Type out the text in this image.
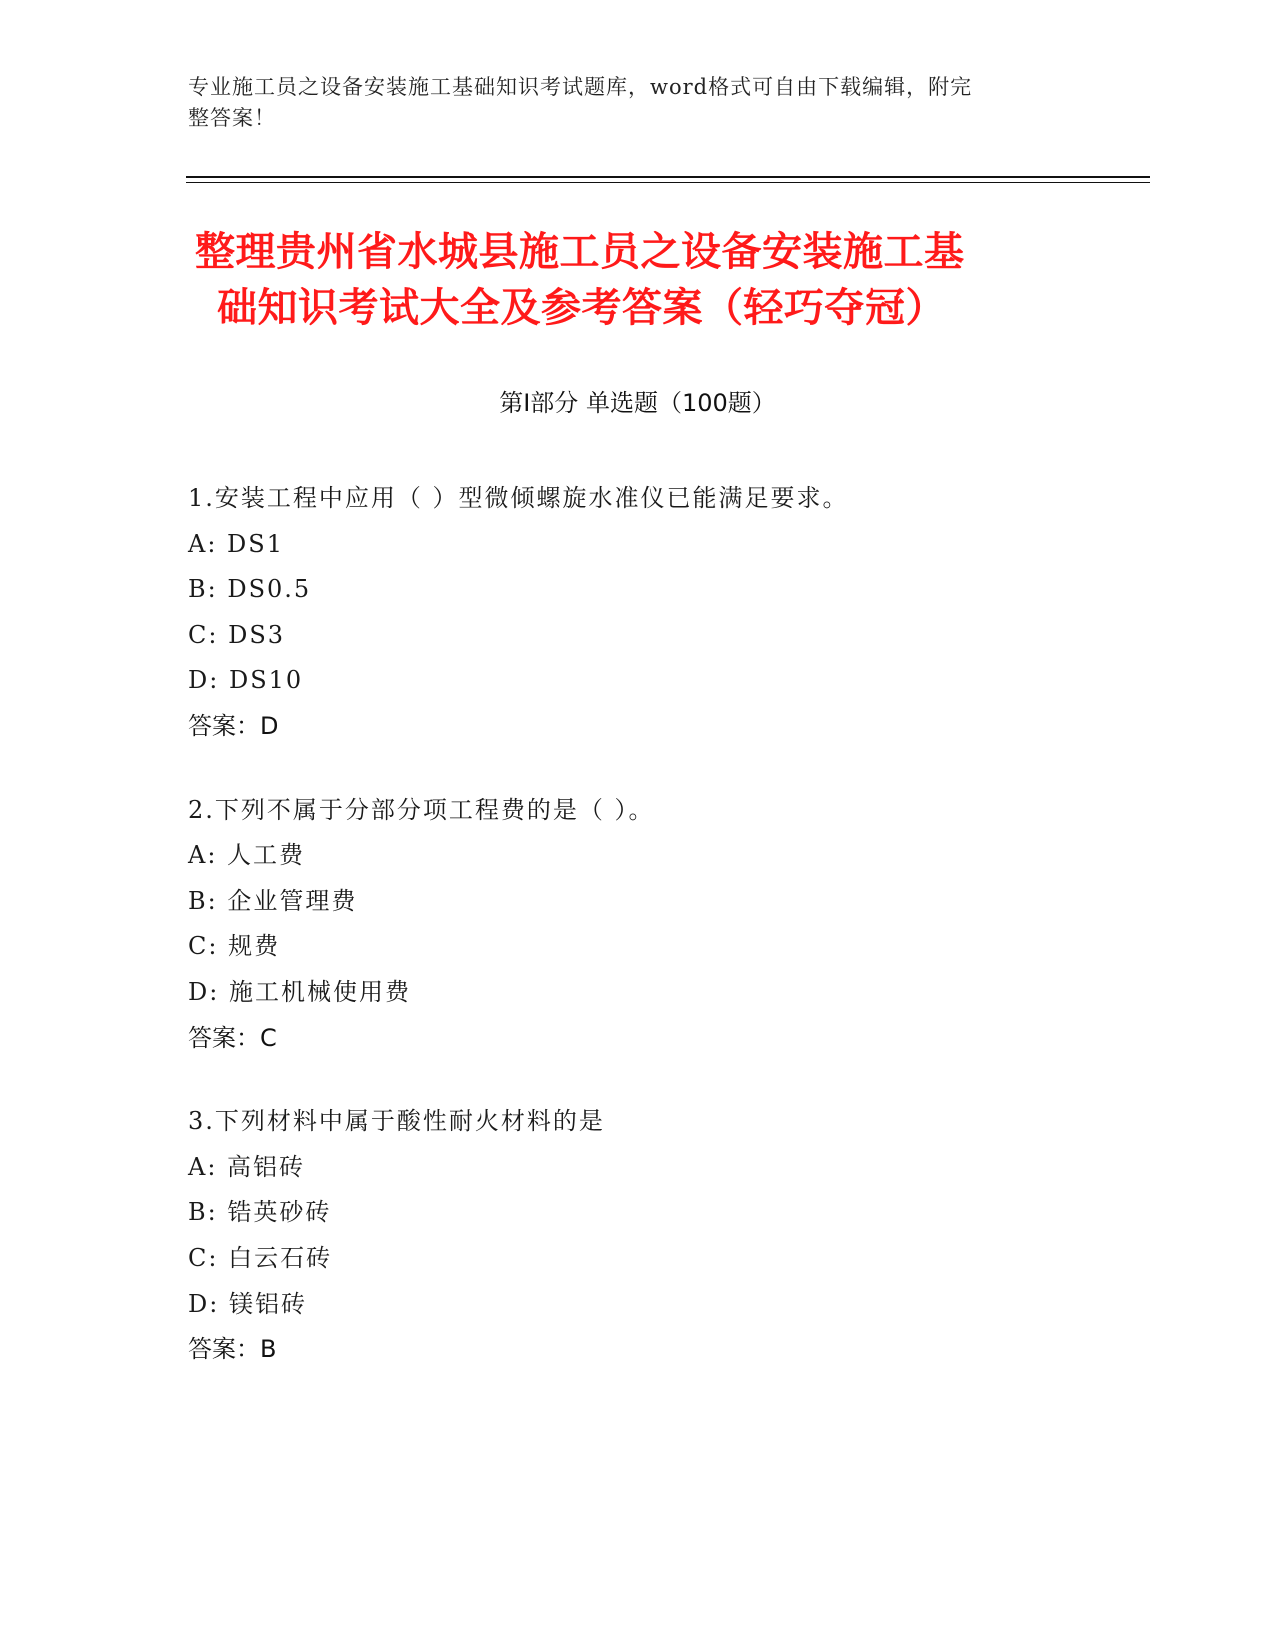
专业施工员之设备安装施工基础知识考试题库，word格式可自由下载编辑，附完
整答案！
整理贵州省水城县施工员之设备安装施工基
础知识考试大全及参考答案（轻巧夺冠）
第Ⅰ部分 单选题（100题）
1.安装工程中应用（ ）型微倾螺旋水准仪已能满足要求。
A: DS1
B: DS0.5
C: DS3
D: DS10
答案：D
2.下列不属于分部分项工程费的是（ ）。
A: 人工费
B: 企业管理费
C: 规费
D: 施工机械使用费
答案：C
3.下列材料中属于酸性耐火材料的是
A: 高铝砖
B: 锆英砂砖
C: 白云石砖
D: 镁铝砖
答案：B
